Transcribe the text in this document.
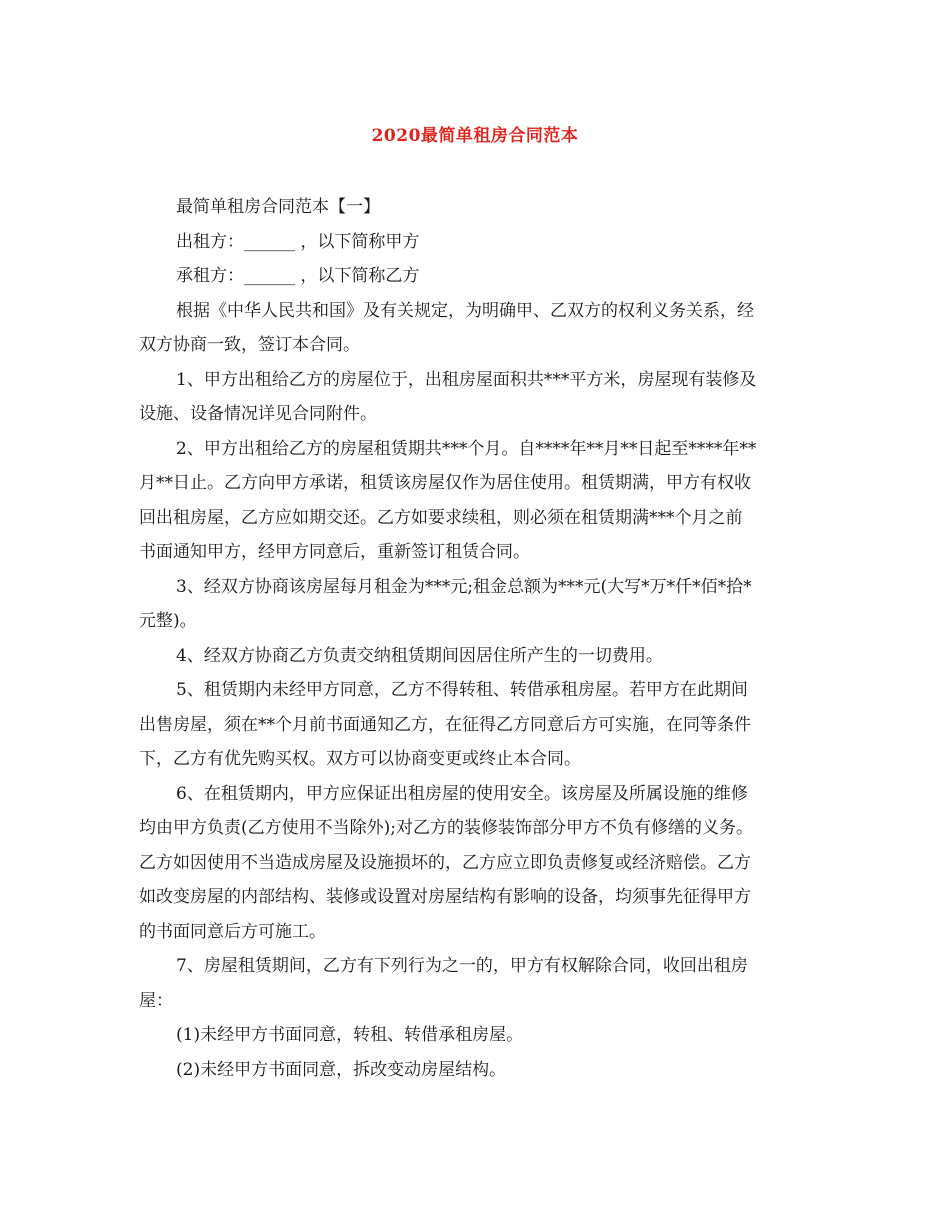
2020最简单租房合同范本

最简单租房合同范本【一】

出租方：______ ，以下简称甲方

承租方：______ ，以下简称乙方

根据《中华人民共和国》及有关规定，为明确甲、乙双方的权利义务关系，经

双方协商一致，签订本合同。

1、甲方出租给乙方的房屋位于，出租房屋面积共***平方米，房屋现有装修及

设施、设备情况详见合同附件。

2、甲方出租给乙方的房屋租赁期共***个月。自****年**月**日起至****年**

月**日止。乙方向甲方承诺，租赁该房屋仅作为居住使用。租赁期满，甲方有权收

回出租房屋，乙方应如期交还。乙方如要求续租，则必须在租赁期满***个月之前

书面通知甲方，经甲方同意后，重新签订租赁合同。

3、经双方协商该房屋每月租金为***元;租金总额为***元(大写*万*仟*佰*拾*

元整)。

4、经双方协商乙方负责交纳租赁期间因居住所产生的一切费用。

5、租赁期内未经甲方同意，乙方不得转租、转借承租房屋。若甲方在此期间

出售房屋，须在**个月前书面通知乙方，在征得乙方同意后方可实施，在同等条件

下，乙方有优先购买权。双方可以协商变更或终止本合同。

6、在租赁期内，甲方应保证出租房屋的使用安全。该房屋及所属设施的维修

均由甲方负责(乙方使用不当除外);对乙方的装修装饰部分甲方不负有修缮的义务。

乙方如因使用不当造成房屋及设施损坏的，乙方应立即负责修复或经济赔偿。乙方

如改变房屋的内部结构、装修或设置对房屋结构有影响的设备，均须事先征得甲方

的书面同意后方可施工。

7、房屋租赁期间，乙方有下列行为之一的，甲方有权解除合同，收回出租房

屋：

(1)未经甲方书面同意，转租、转借承租房屋。

(2)未经甲方书面同意，拆改变动房屋结构。
